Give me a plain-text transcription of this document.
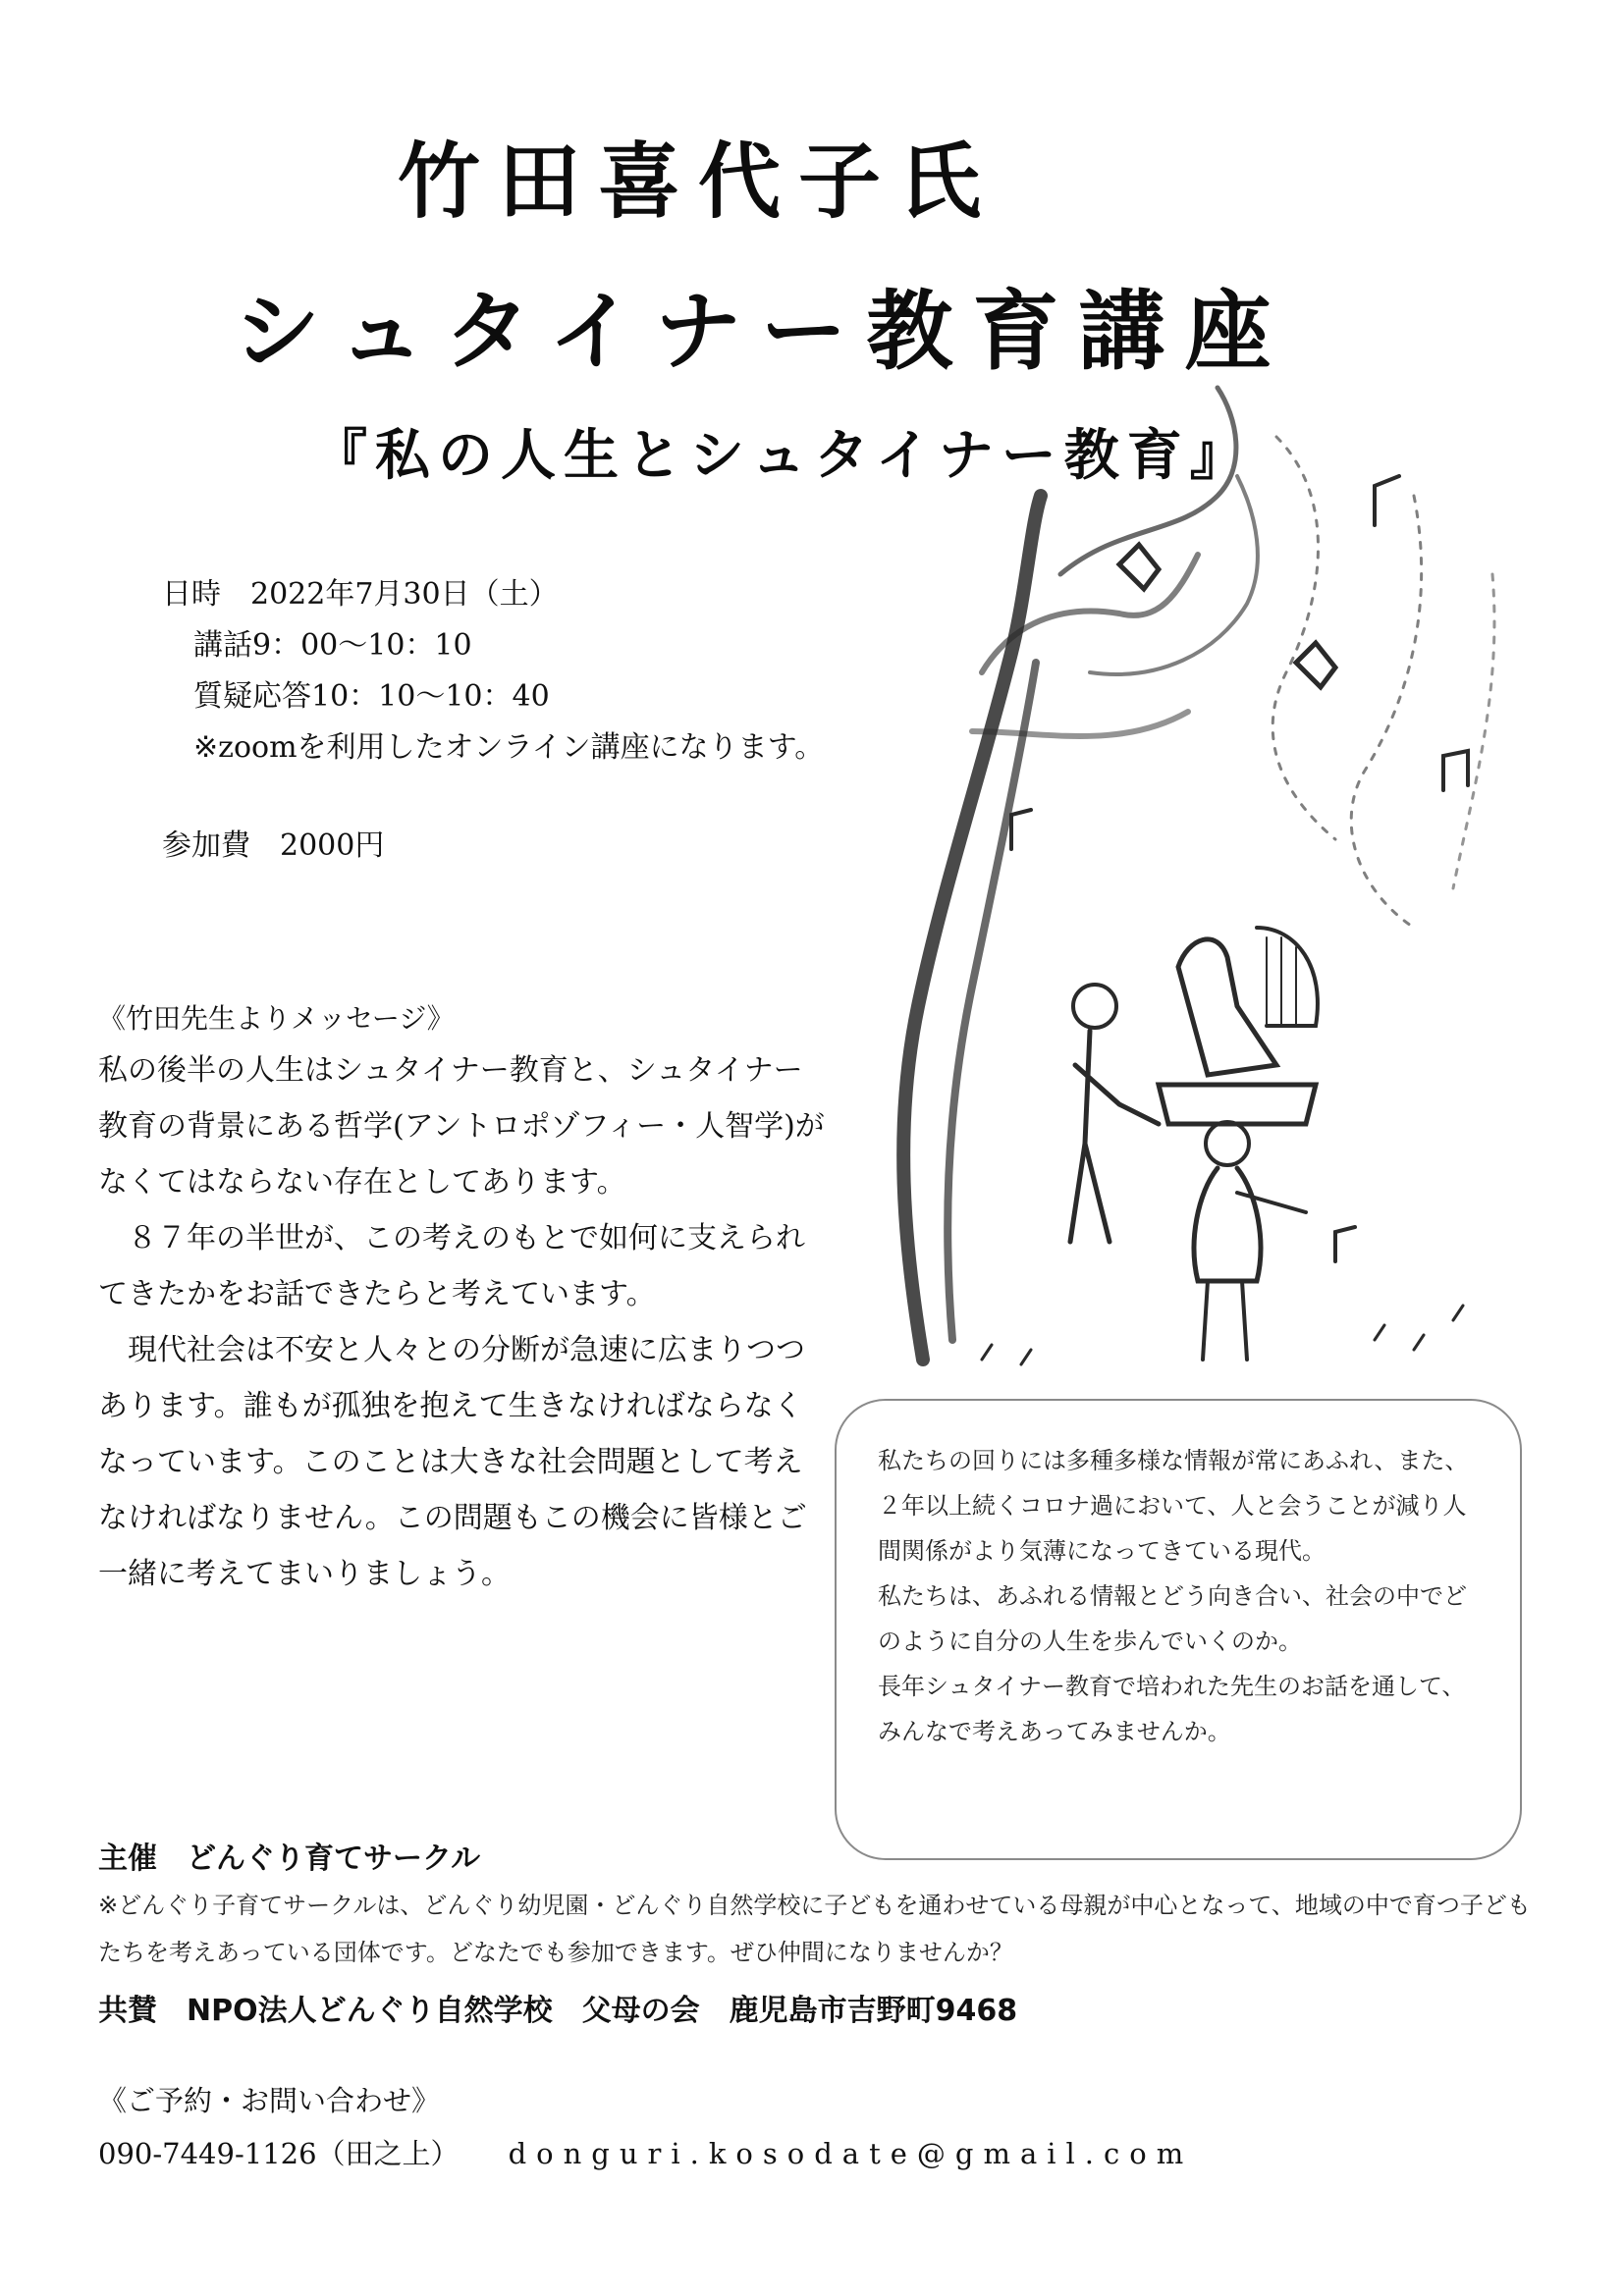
竹田喜代子氏
シュタイナー教育講座
『私の人生とシュタイナー教育』
日時　2022年7月30日（土）
講話9：00〜10：10
質疑応答10：10〜10：40
※zoomを利用したオンライン講座になります。
参加費　2000円
《竹田先生よりメッセージ》

私の後半の人生はシュタイナー教育と、シュタイナー教育の背景にある哲学(アントロポゾフィー・人智学)がなくてはならない存在としてあります。

　８７年の半世が、この考えのもとで如何に支えられてきたかをお話できたらと考えています。

　現代社会は不安と人々との分断が急速に広まりつつあります。誰もが孤独を抱えて生きなければならなくなっています。このことは大きな社会問題として考えなければなりません。この問題もこの機会に皆様とご一緒に考えてまいりましょう。

私たちの回りには多種多様な情報が常にあふれ、また、２年以上続くコロナ過において、人と会うことが減り人間関係がより気薄になってきている現代。

私たちは、あふれる情報とどう向き合い、社会の中でどのように自分の人生を歩んでいくのか。

長年シュタイナー教育で培われた先生のお話を通して、みんなで考えあってみませんか。

主催　どんぐり育てサークル

※どんぐり子育てサークルは、どんぐり幼児園・どんぐり自然学校に子どもを通わせている母親が中心となって、地域の中で育つ子どもたちを考えあっている団体です。どなたでも参加できます。ぜひ仲間になりませんか？

共賛　NPO法人どんぐり自然学校　父母の会　鹿児島市吉野町9468
《ご予約・お問い合わせ》
090-7449-1126（田之上） donguri.kosodate@gmail.com
